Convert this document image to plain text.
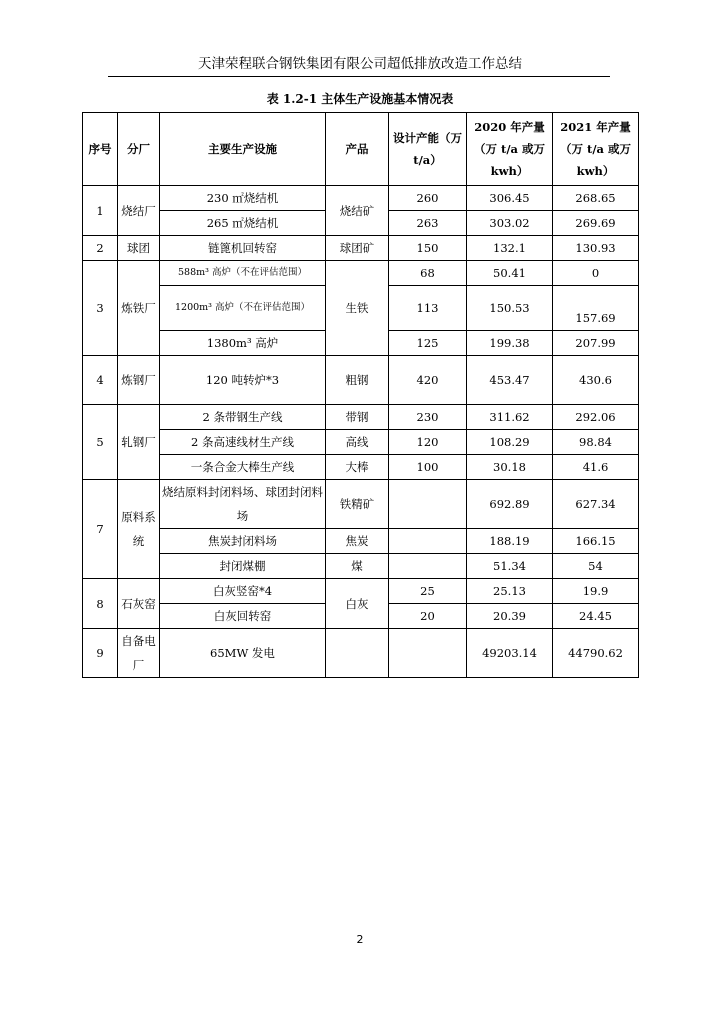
天津荣程联合钢铁集团有限公司超低排放改造工作总结
表 1.2-1 主体生产设施基本情况表
序号	分厂	主要生产设施	产品	设计产能（万 t/a）	2020 年产量（万 t/a 或万 kwh）	2021 年产量（万 t/a 或万 kwh）
1	烧结厂	230 ㎡烧结机	烧结矿	260	306.45	268.65
		265 ㎡烧结机		263	303.02	269.69
2	球团	链篦机回转窑	球团矿	150	132.1	130.93
3	炼铁厂	588m³ 高炉（不在评估范围）	生铁	68	50.41	0
		1200m³ 高炉（不在评估范围）		113	150.53	157.69
		1380m³ 高炉		125	199.38	207.99
4	炼钢厂	120 吨转炉*3	粗钢	420	453.47	430.6
5	轧钢厂	2 条带钢生产线	带钢	230	311.62	292.06
		2 条高速线材生产线	高线	120	108.29	98.84
		一条合金大棒生产线	大棒	100	30.18	41.6
7	原料系统	烧结原料封闭料场、球团封闭料场	铁精矿		692.89	627.34
		焦炭封闭料场	焦炭		188.19	166.15
		封闭煤棚	煤		51.34	54
8	石灰窑	白灰竖窑*4	白灰	25	25.13	19.9
		白灰回转窑		20	20.39	24.45
9	自备电厂	65MW 发电			49203.14	44790.62
2
